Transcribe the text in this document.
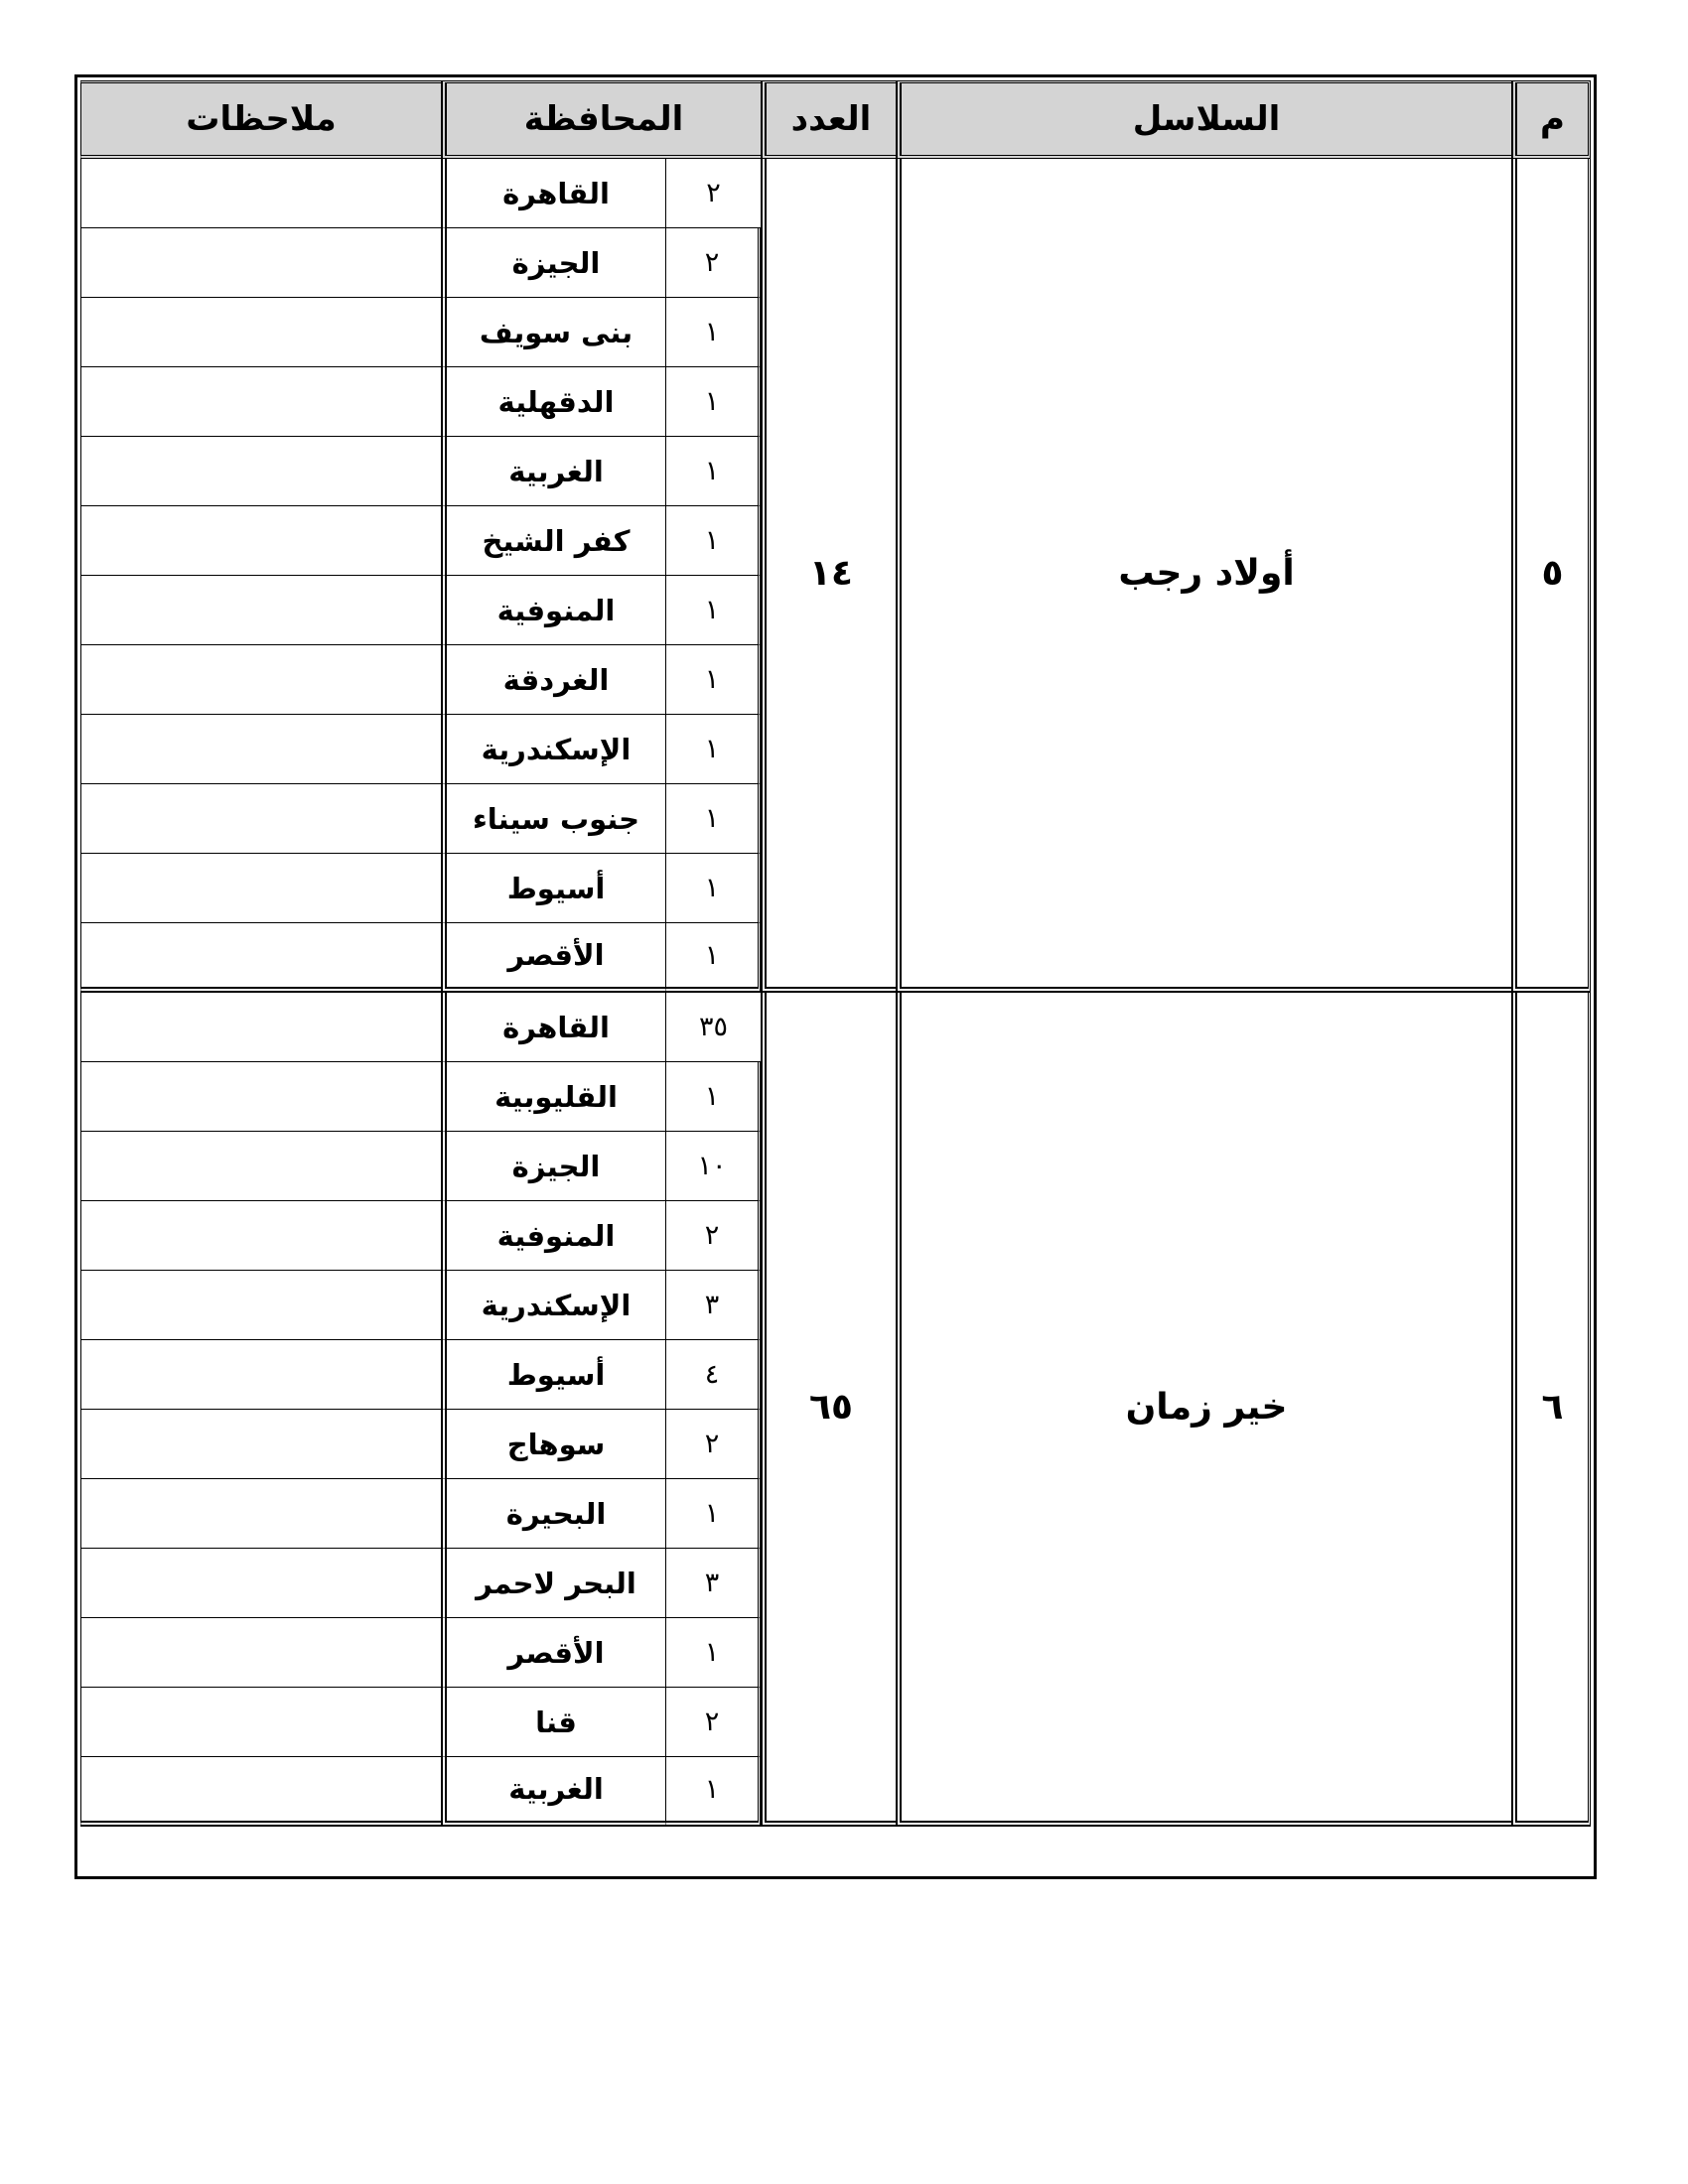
م	السلاسل	العدد	المحافظة		ملاحظات
٥	أولاد رجب	١٤	٢	القاهرة	
			٢	الجيزة	
			١	بنى سويف	
			١	الدقهلية	
			١	الغربية	
			١	كفر الشيخ	
			١	المنوفية	
			١	الغردقة	
			١	الإسكندرية	
			١	جنوب سيناء	
			١	أسيوط	
			١	الأقصر	
٦	خير زمان	٦٥	٣٥	القاهرة	
			١	القليوبية	
			١٠	الجيزة	
			٢	المنوفية	
			٣	الإسكندرية	
			٤	أسيوط	
			٢	سوهاج	
			١	البحيرة	
			٣	البحر لاحمر	
			١	الأقصر	
			٢	قنا	
			١	الغربية	
